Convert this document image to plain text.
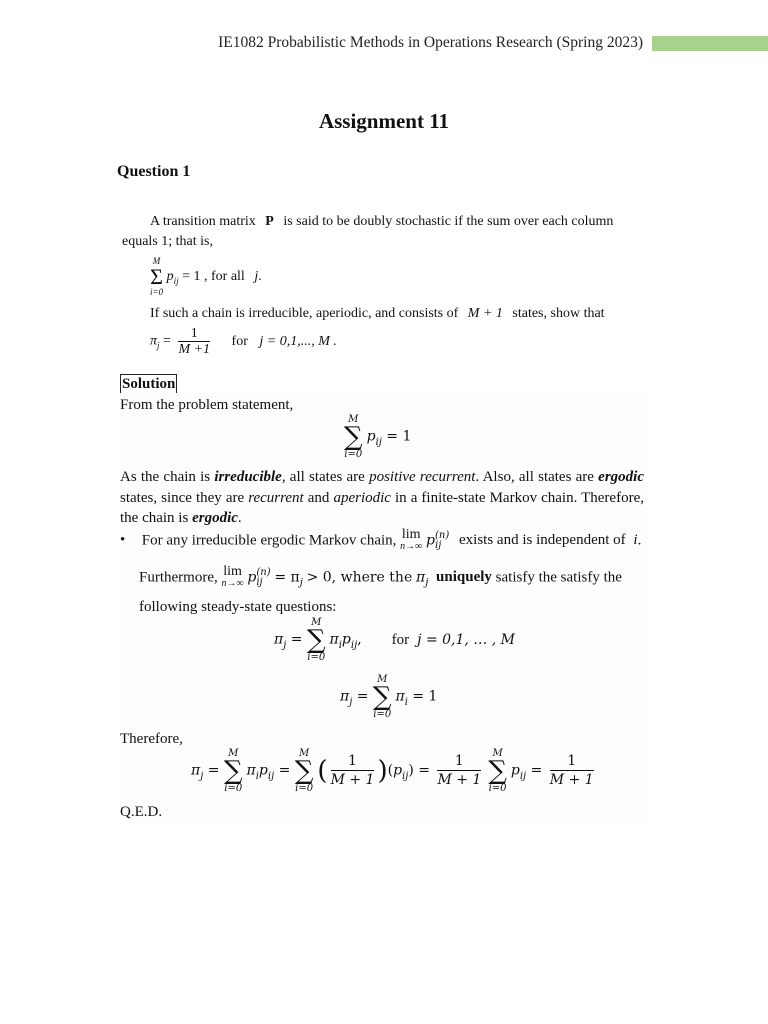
IE1082 Probabilistic Methods in Operations Research (Spring 2023)
Assignment 11
Question 1
A transition matrix P is said to be doubly stochastic if the sum over each column equals 1; that is,
M
Σ
i=0
$p_{ij} = 1$ , for all j.
If such a chain is irreducible, aperiodic, and consists of M + 1 states, show that
$\pi_j = \frac{1}{M +1}$ for j = 0,1,..., M .
Solution
From the problem statement,
M
∑
i=0
$p_{ij} = 1$
As the chain is irreducible, all states are positive recurrent. Also, all states are ergodic states, since they are recurrent and aperiodic in a finite-state Markov chain. Therefore, the chain is ergodic.
• For any irreducible ergodic Markov chain, lim
n→∞ p (n)
ij	exists and is independent of i.
Furthermore, lim
n→∞ p (n)
ij = $\pi_j > 0$, where the $\pi_j$ uniquely satisfy the satisfy the
following steady-state questions:
$\pi_j$ =
M
∑
i=0
$\pi_ip_{ij}$, for j = 0,1, … , M
$\pi_j$ =
M
∑
i=0
$\pi_i = 1$
Therefore,
$\pi_j$ =
M
∑
i=0
$\pi_ip_{ij}$ =
M
∑
i=0
( $\frac{1}{M + 1} )(p_{ij}) = \frac{1}{M + 1}$
	M
∑
i=0
$p_{ij} = \frac{1}{M + 1}$
Q.E.D.
